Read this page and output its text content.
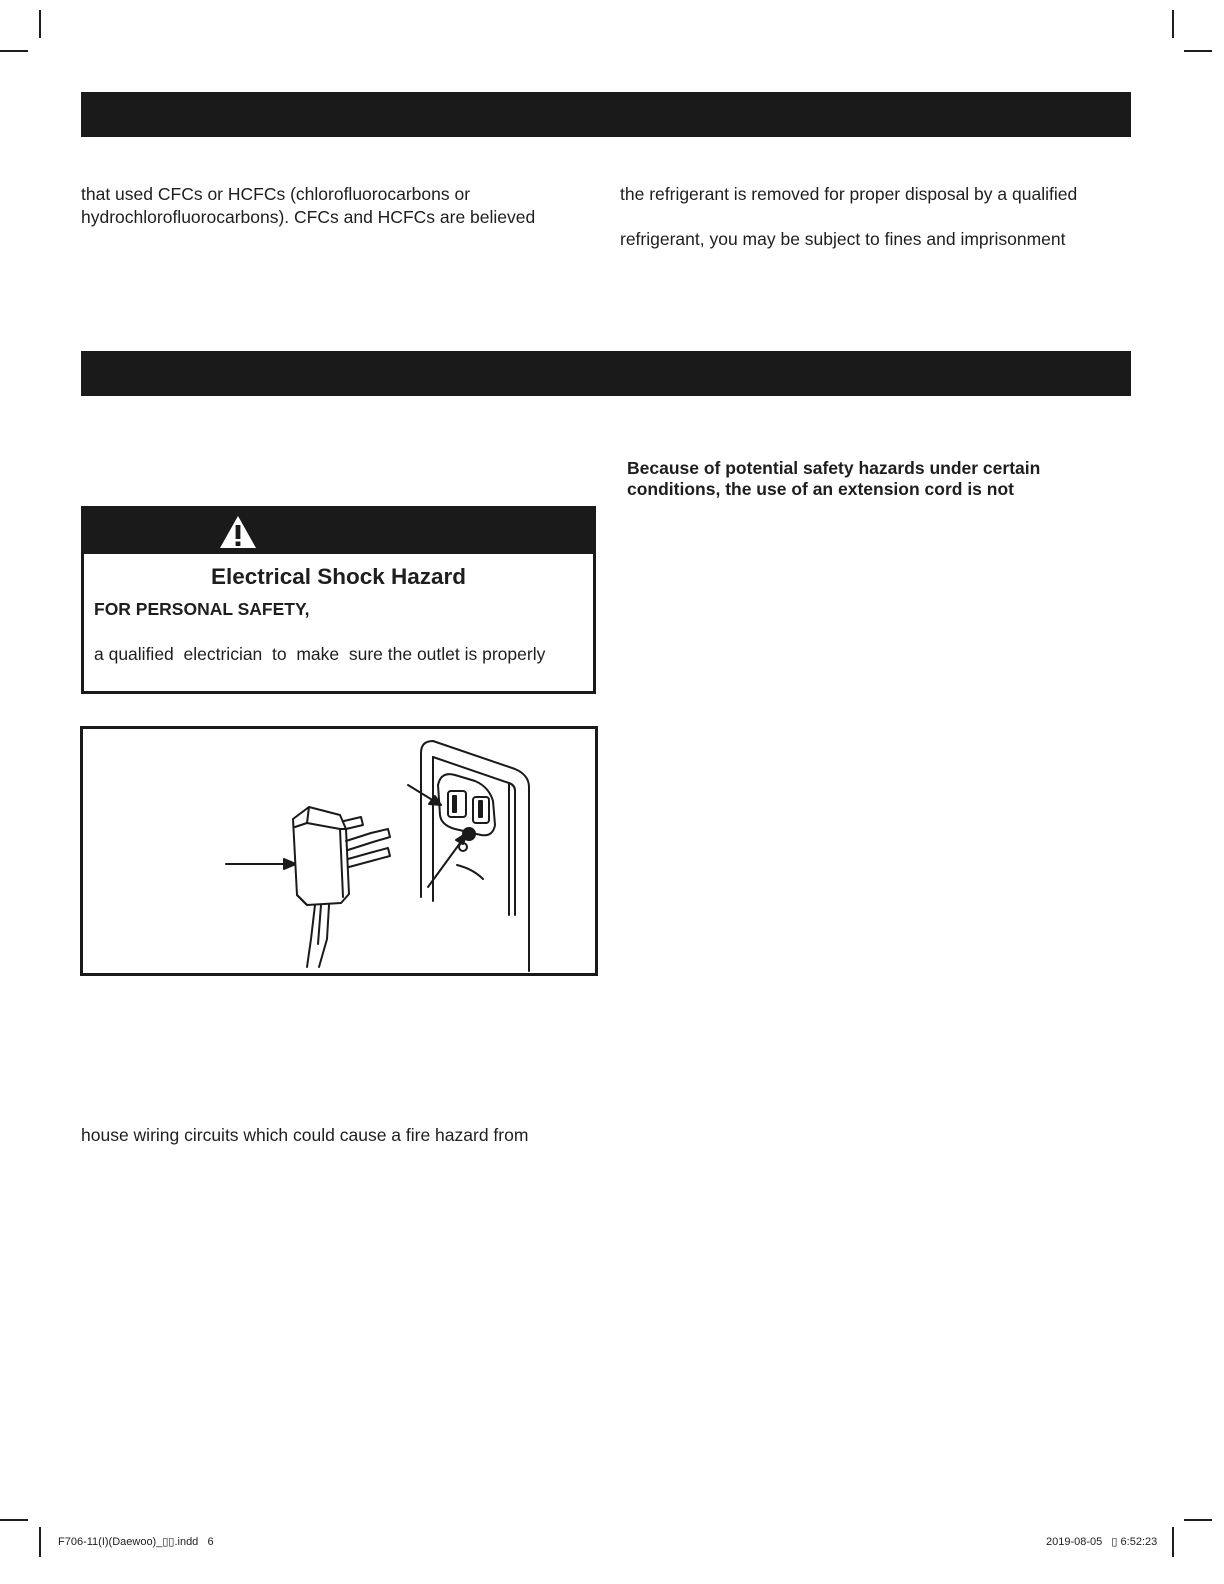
that used CFCs or HCFCs (chlorofluorocarbons or
hydrochlorofluorocarbons). CFCs and HCFCs are believed
the refrigerant is removed for proper disposal by a qualified
refrigerant, you may be subject to fines and imprisonment
Because of potential safety hazards under certain
conditions, the use of an extension cord is not
Electrical Shock Hazard
FOR PERSONAL SAFETY,
a qualified  electrician  to  make  sure the outlet is properly
house wiring circuits which could cause a fire hazard from
F706-11(I)(Daewoo)_▯▯.indd   6	2019-08-05   ▯ 6:52:23
